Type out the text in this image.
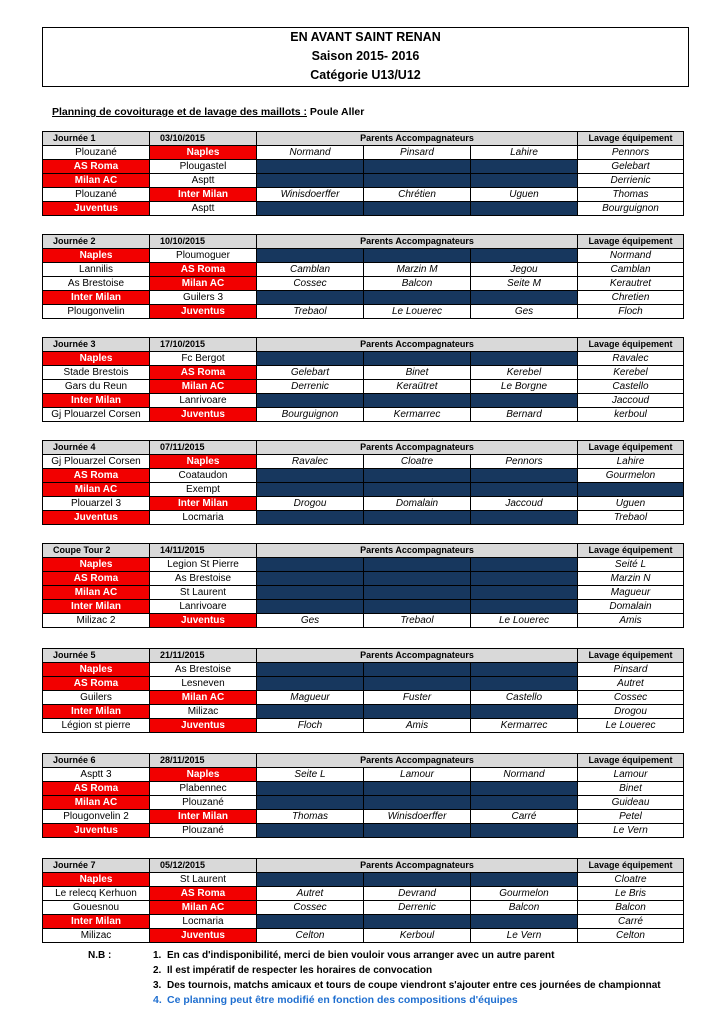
EN AVANT SAINT RENAN
Saison 2015- 2016
Catégorie U13/U12
Planning de covoiturage et de lavage des maillots : Poule Aller
Journée 1	03/10/2015	Parents Accompagnateurs			Lavage équipement
Plouzané	Naples	Normand	Pinsard	Lahire	Pennors
AS Roma	Plougastel				Gelebart
Milan AC	Asptt				Derrienic
Plouzané	Inter Milan	Winisdoerffer	Chrétien	Uguen	Thomas
Juventus	Asptt				Bourguignon
Journée 2	10/10/2015	Parents Accompagnateurs			Lavage équipement
Naples	Ploumoguer				Normand
Lannilis	AS Roma	Camblan	Marzin M	Jegou	Camblan
As Brestoise	Milan AC	Cossec	Balcon	Seite M	Kerautret
Inter Milan	Guilers 3				Chretien
Plougonvelin	Juventus	Trebaol	Le Louerec	Ges	Floch
Journée 3	17/10/2015	Parents Accompagnateurs			Lavage équipement
Naples	Fc Bergot				Ravalec
Stade Brestois	AS Roma	Gelebart	Binet	Kerebel	Kerebel
Gars du Reun	Milan AC	Derrenic	Keraütret	Le Borgne	Castello
Inter Milan	Lanrivoare				Jaccoud
Gj Plouarzel Corsen	Juventus	Bourguignon	Kermarrec	Bernard	kerboul
Journée 4	07/11/2015	Parents Accompagnateurs			Lavage équipement
Gj Plouarzel Corsen	Naples	Ravalec	Cloatre	Pennors	Lahire
AS Roma	Coataudon				Gourmelon
Milan AC	Exempt				
Plouarzel 3	Inter Milan	Drogou	Domalain	Jaccoud	Uguen
Juventus	Locmaria				Trebaol
Coupe Tour 2	14/11/2015	Parents Accompagnateurs			Lavage équipement
Naples	Legion St Pierre				Seité L
AS Roma	As Brestoise				Marzin N
Milan AC	St Laurent				Magueur
Inter Milan	Lanrivoare				Domalain
Milizac 2	Juventus	Ges	Trebaol	Le Louerec	Amis
Journée 5	21/11/2015	Parents Accompagnateurs			Lavage équipement
Naples	As Brestoise				Pinsard
AS Roma	Lesneven				Autret
Guilers	Milan AC	Magueur	Fuster	Castello	Cossec
Inter Milan	Milizac				Drogou
Légion st pierre	Juventus	Floch	Amis	Kermarrec	Le Louerec
Journée 6	28/11/2015	Parents Accompagnateurs			Lavage équipement
Asptt 3	Naples	Seite L	Lamour	Normand	Lamour
AS Roma	Plabennec				Binet
Milan AC	Plouzané				Guideau
Plougonvelin 2	Inter Milan	Thomas	Winisdoerffer	Carré	Petel
Juventus	Plouzané				Le Vern
Journée 7	05/12/2015	Parents Accompagnateurs			Lavage équipement
Naples	St Laurent				Cloatre
Le relecq Kerhuon	AS Roma	Autret	Devrand	Gourmelon	Le Bris
Gouesnou	Milan AC	Cossec	Derrenic	Balcon	Balcon
Inter Milan	Locmaria				Carré
Milizac	Juventus	Celton	Kerboul	Le Vern	Celton
N.B :	1. En cas d'indisponibilité, merci de bien vouloir vous arranger avec un autre parent
2. Il est impératif de respecter les horaires de convocation
3. Des tournois, matchs amicaux et tours de coupe viendront s'ajouter entre ces journées de championnat
4. Ce planning peut être modifié en fonction des compositions d'équipes
